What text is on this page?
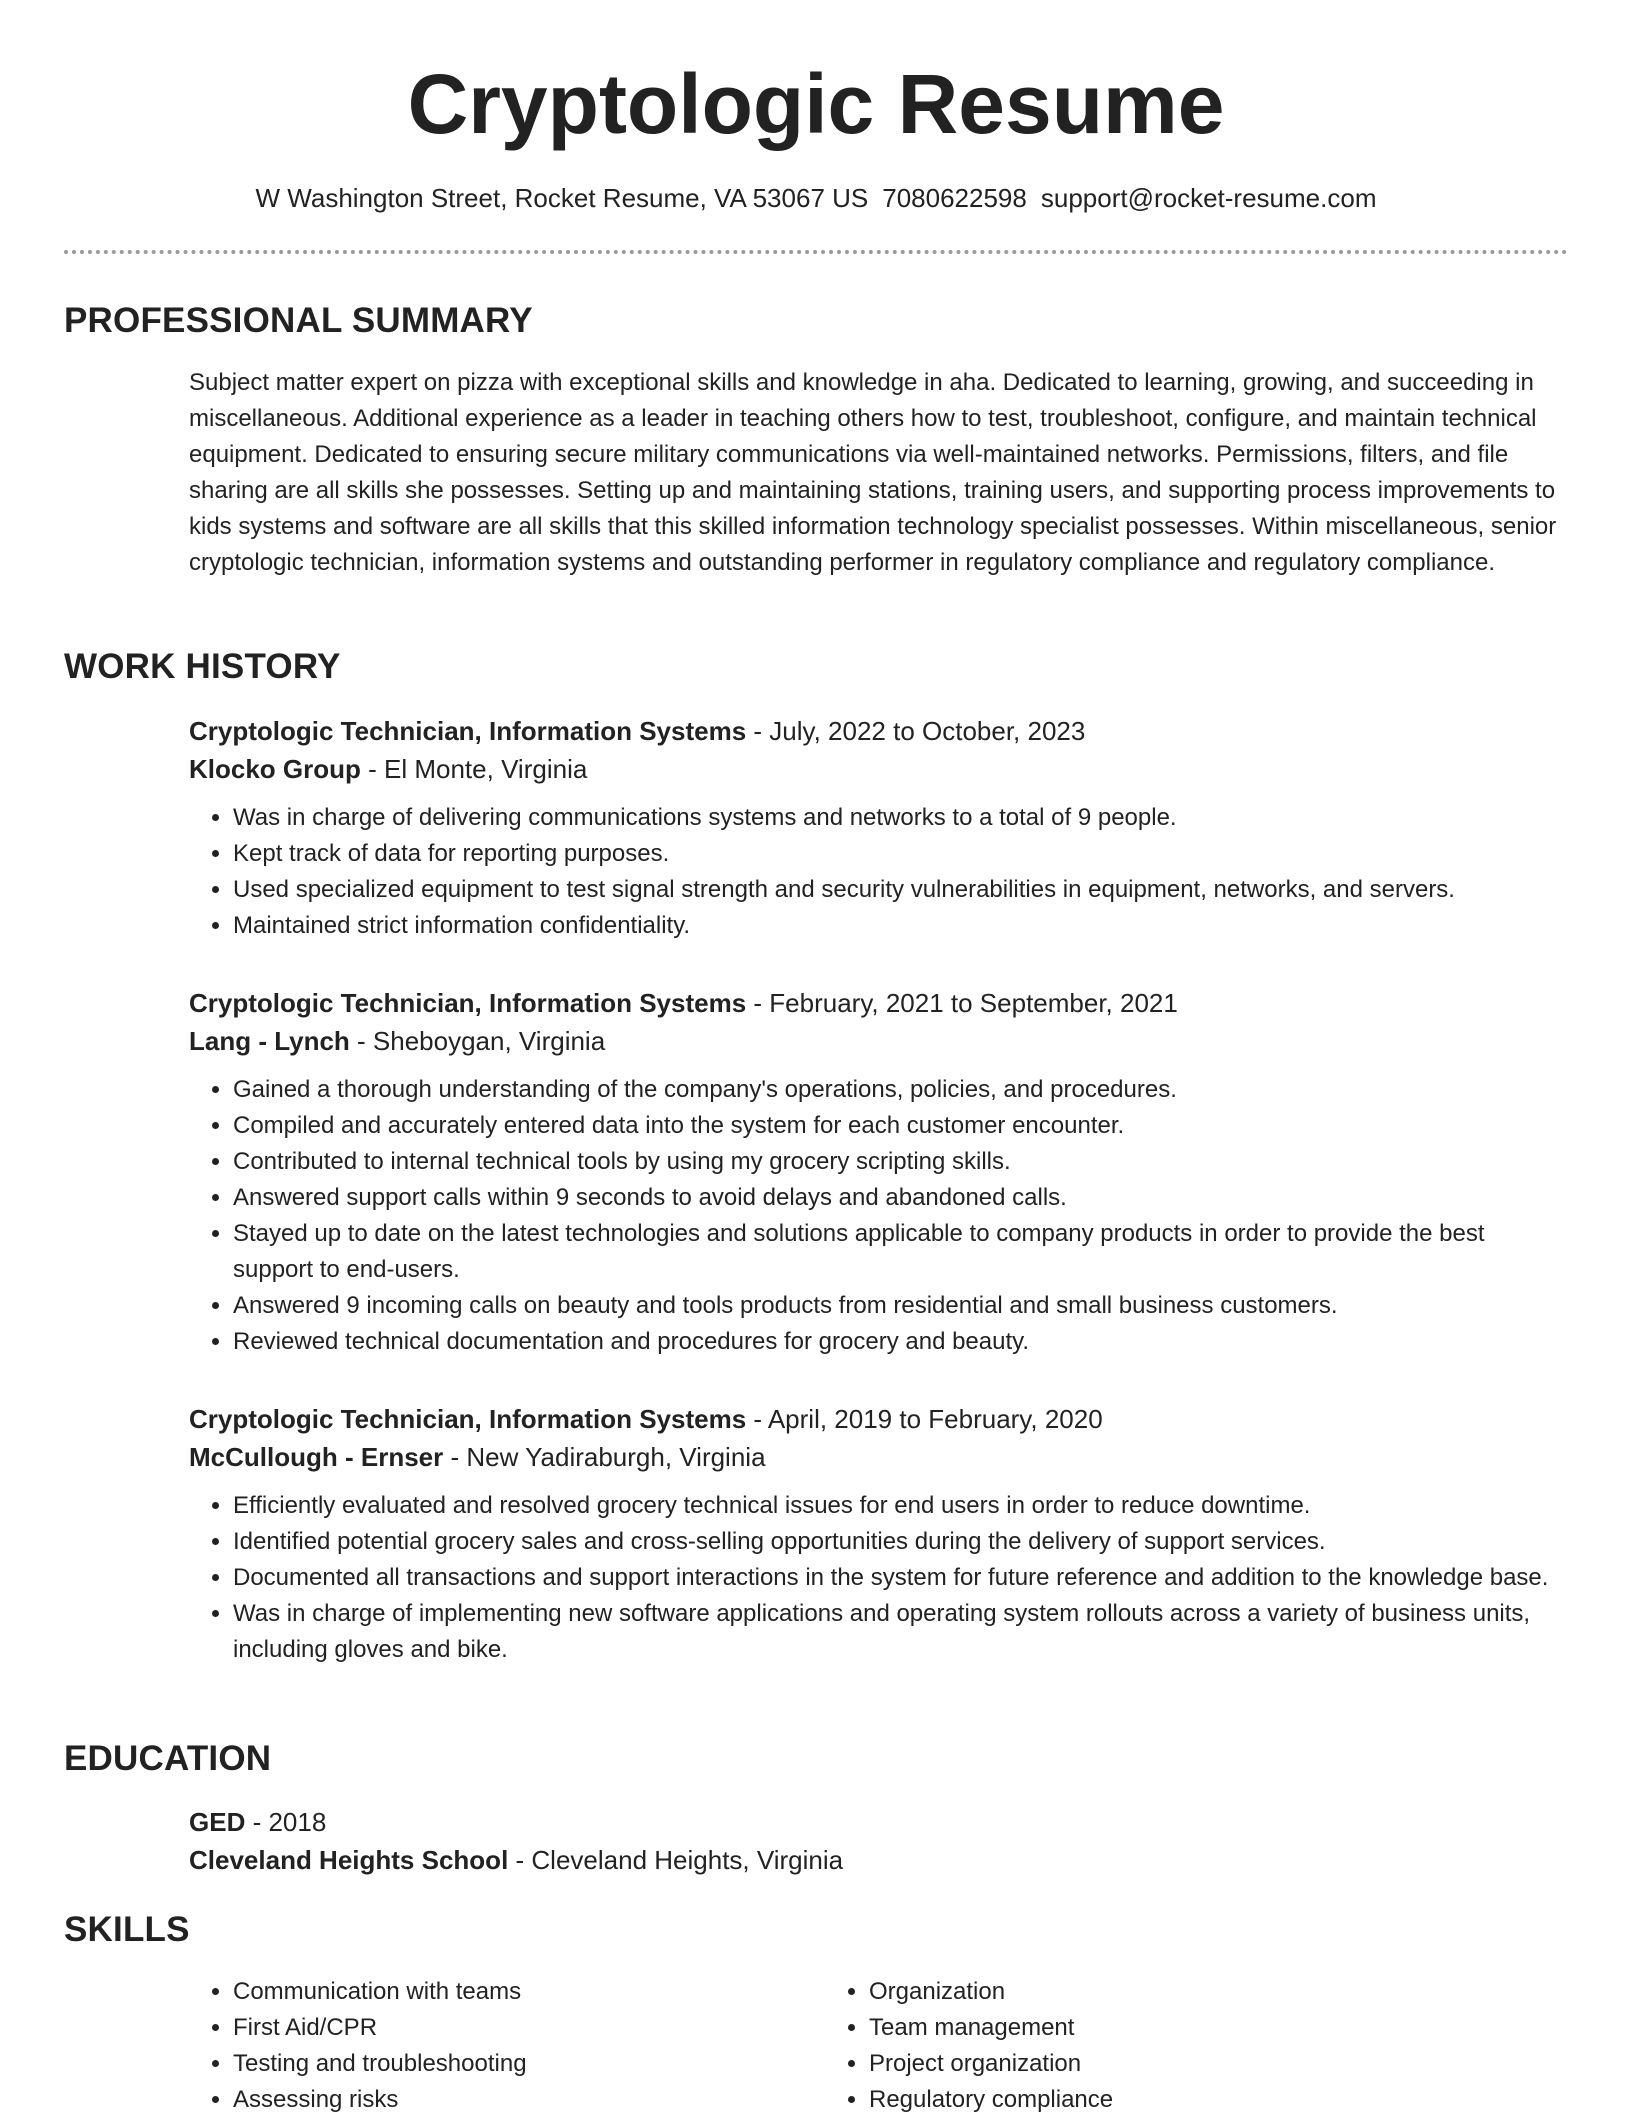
Cryptologic Resume
W Washington Street, Rocket Resume, VA 53067 US 7080622598 support@rocket-resume.com
PROFESSIONAL SUMMARY

Subject matter expert on pizza with exceptional skills and knowledge in aha. Dedicated to learning, growing, and succeeding in miscellaneous. Additional experience as a leader in teaching others how to test, troubleshoot, configure, and maintain technical equipment. Dedicated to ensuring secure military communications via well-maintained networks. Permissions, filters, and file sharing are all skills she possesses. Setting up and maintaining stations, training users, and supporting process improvements to kids systems and software are all skills that this skilled information technology specialist possesses. Within miscellaneous, senior cryptologic technician, information systems and outstanding performer in regulatory compliance and regulatory compliance.

WORK HISTORY
Cryptologic Technician, Information Systems - July, 2022 to October, 2023
Klocko Group - El Monte, Virginia
• Was in charge of delivering communications systems and networks to a total of 9 people.
• Kept track of data for reporting purposes.
• Used specialized equipment to test signal strength and security vulnerabilities in equipment, networks, and servers.
• Maintained strict information confidentiality.
Cryptologic Technician, Information Systems - February, 2021 to September, 2021
Lang - Lynch - Sheboygan, Virginia
• Gained a thorough understanding of the company's operations, policies, and procedures.
• Compiled and accurately entered data into the system for each customer encounter.
• Contributed to internal technical tools by using my grocery scripting skills.
• Answered support calls within 9 seconds to avoid delays and abandoned calls.
• Stayed up to date on the latest technologies and solutions applicable to company products in order to provide the best support to end-users.
• Answered 9 incoming calls on beauty and tools products from residential and small business customers.
• Reviewed technical documentation and procedures for grocery and beauty.
Cryptologic Technician, Information Systems - April, 2019 to February, 2020
McCullough - Ernser - New Yadiraburgh, Virginia
• Efficiently evaluated and resolved grocery technical issues for end users in order to reduce downtime.
• Identified potential grocery sales and cross-selling opportunities during the delivery of support services.
• Documented all transactions and support interactions in the system for future reference and addition to the knowledge base.
• Was in charge of implementing new software applications and operating system rollouts across a variety of business units, including gloves and bike.
EDUCATION
GED - 2018
Cleveland Heights School - Cleveland Heights, Virginia
SKILLS
• Communication with teams
• First Aid/CPR
• Testing and troubleshooting
• Assessing risks
• Organization
• Team management
• Project organization
• Regulatory compliance
